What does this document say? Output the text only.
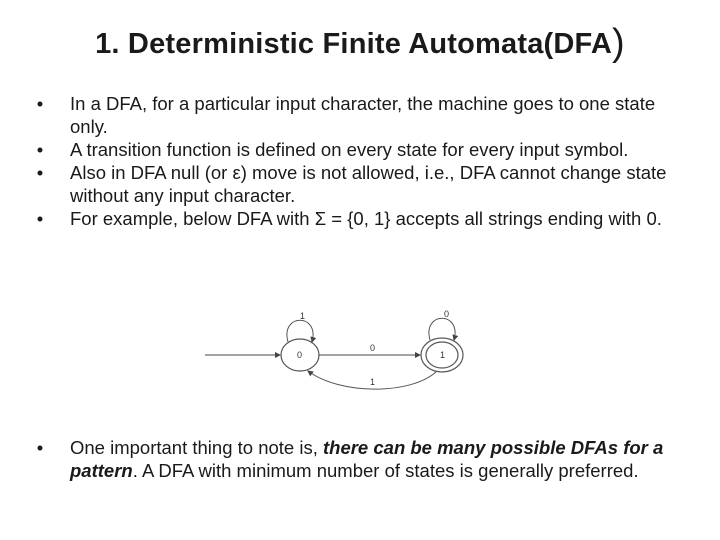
1. Deterministic Finite Automata(DFA)
•	In a DFA, for a particular input character, the machine goes to one state only.
•	A transition function is defined on every state for every input symbol.
•	Also in DFA null (or ε) move is not allowed, i.e., DFA cannot change state without any input character.
•	For example, below DFA with Σ = {0, 1} accepts all strings ending with 0.
0
1
0
1
0
1
•	One important thing to note is, there can be many possible DFAs for a pattern. A DFA with minimum number of states is generally preferred.
